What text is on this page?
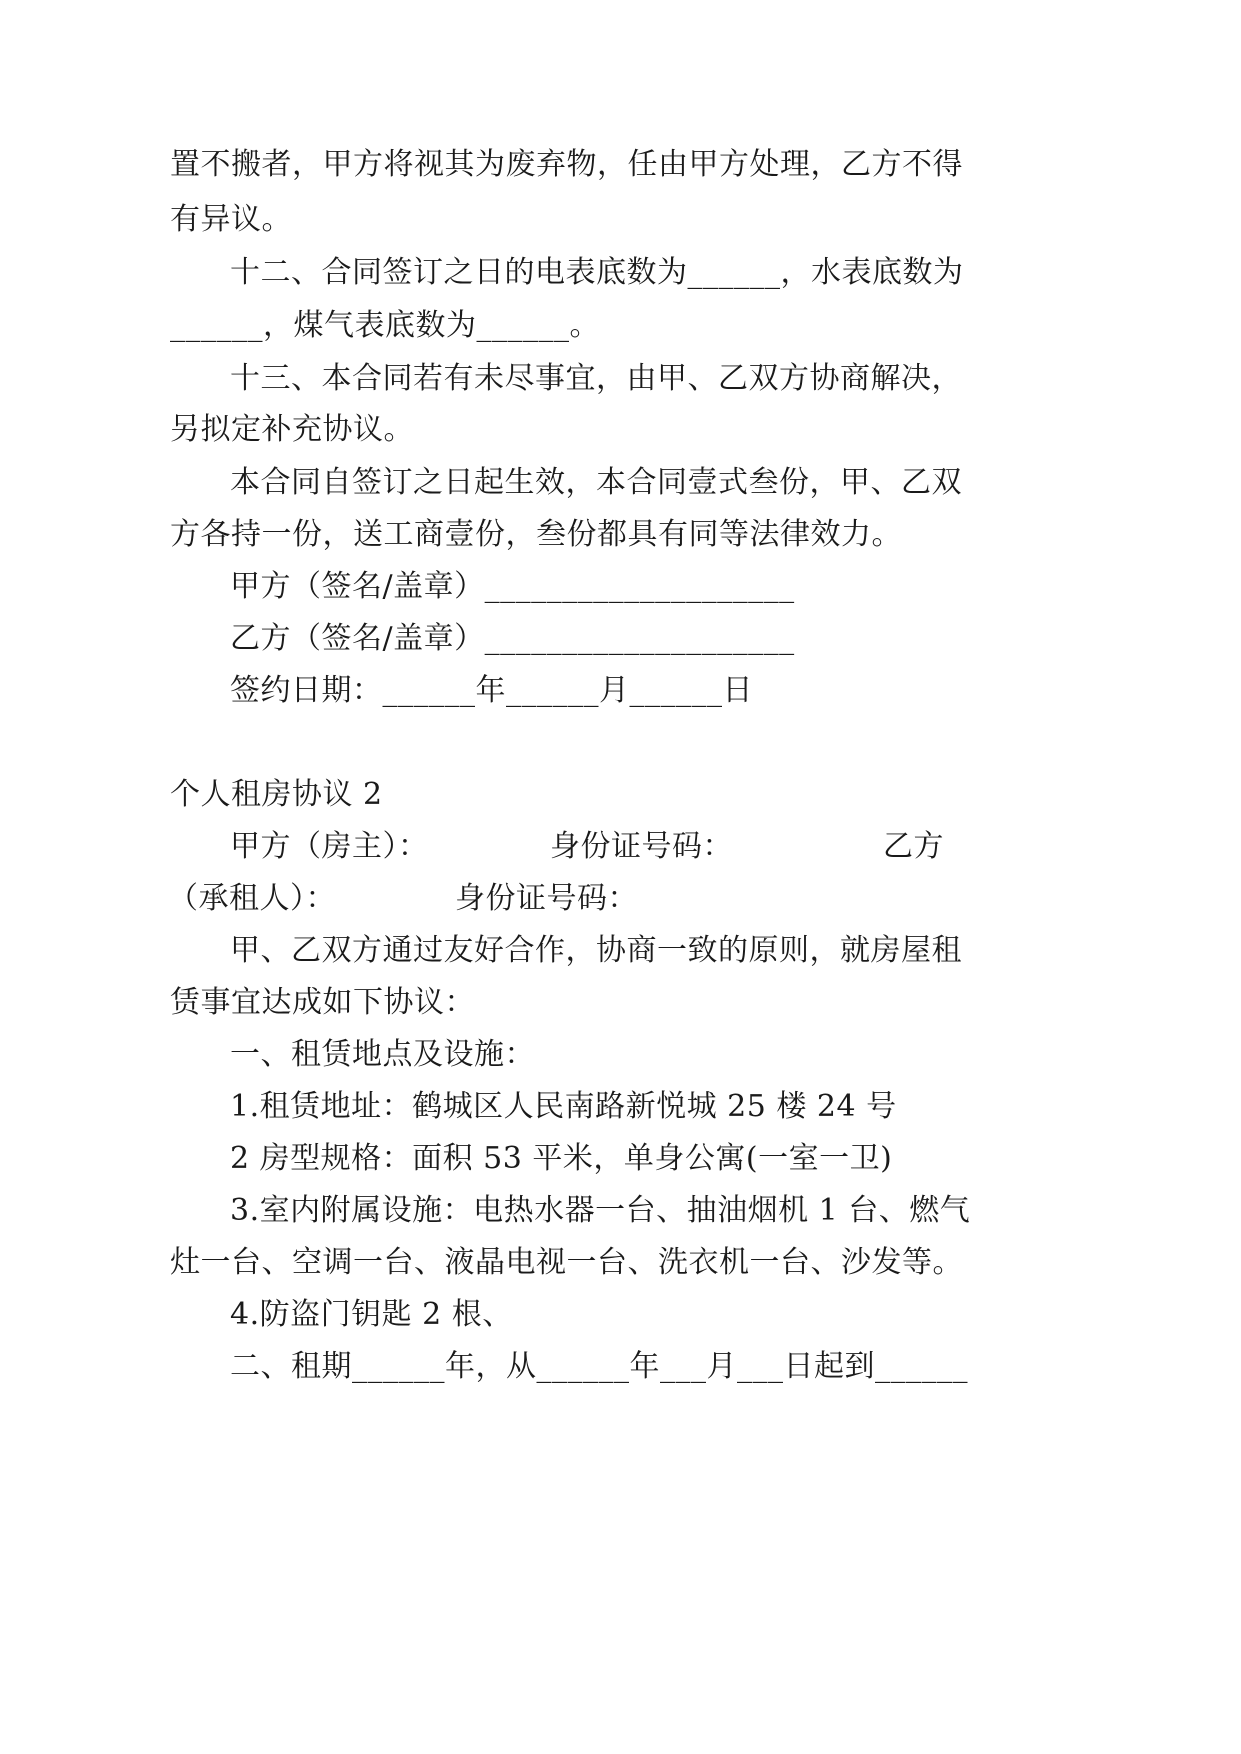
置不搬者，甲方将视其为废弃物，任由甲方处理，乙方不得

有异议。

十二、合同签订之日的电表底数为______，水表底数为

______，煤气表底数为______。

十三、本合同若有未尽事宜，由甲、乙双方协商解决，

另拟定补充协议。

本合同自签订之日起生效，本合同壹式叁份，甲、乙双

方各持一份，送工商壹份，叁份都具有同等法律效力。

甲方（签名/盖章）____________________

乙方（签名/盖章）____________________

签约日期：______年______月______日

个人租房协议 2

甲方（房主）：	身份证号码：	乙方

（承租人）：	身份证号码：

甲、乙双方通过友好合作，协商一致的原则，就房屋租

赁事宜达成如下协议：

一、租赁地点及设施：

1.租赁地址：鹤城区人民南路新悦城 25 楼 24 号

2 房型规格：面积 53 平米，单身公寓(一室一卫)

3.室内附属设施：电热水器一台、抽油烟机 1 台、燃气

灶一台、空调一台、液晶电视一台、洗衣机一台、沙发等。

4.防盗门钥匙 2 根、

二、租期______年，从______年___月___日起到______
